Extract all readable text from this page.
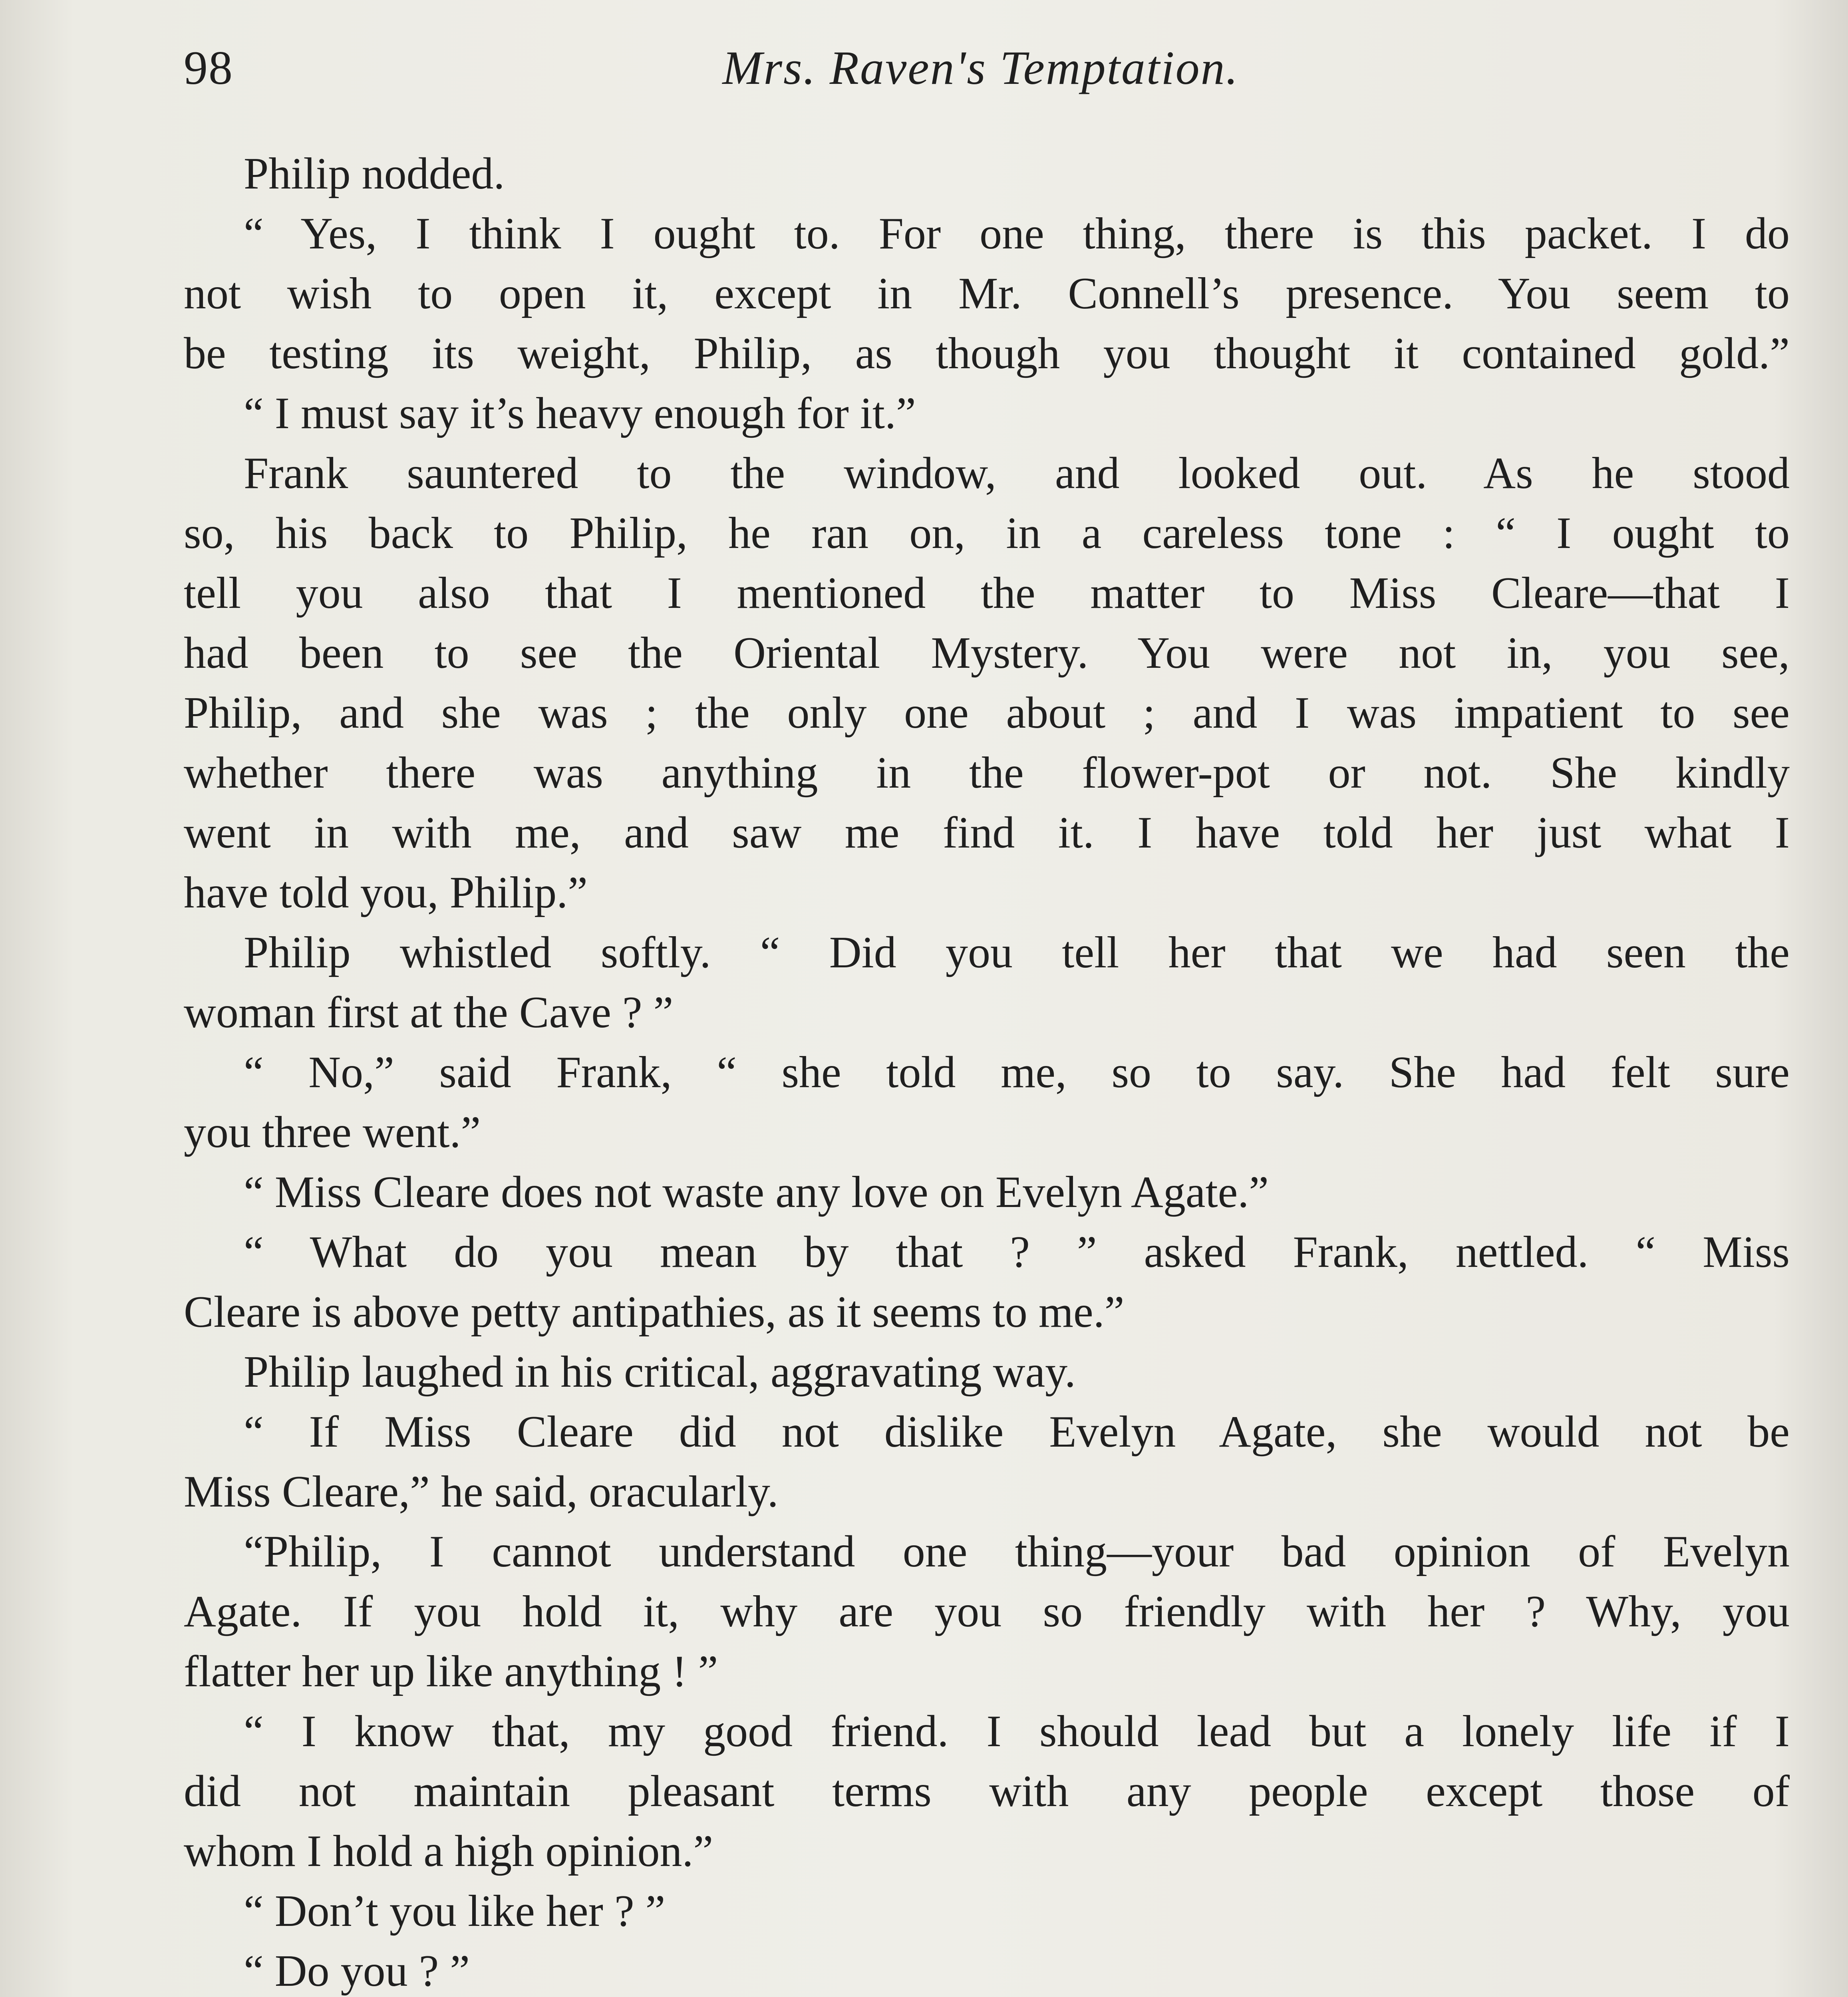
98	Mrs. Raven's Temptation.
Philip nodded.
“ Yes, I think I ought to. For one thing, there is this packet. I do
not wish to open it, except in Mr. Connell’s presence. You seem to
be testing its weight, Philip, as though you thought it contained gold.”
“ I must say it’s heavy enough for it.”
Frank sauntered to the window, and looked out. As he stood
so, his back to Philip, he ran on, in a careless tone : “ I ought to
tell you also that I mentioned the matter to Miss Cleare—that I
had been to see the Oriental Mystery. You were not in, you see,
Philip, and she was ; the only one about ; and I was impatient to see
whether there was anything in the flower-pot or not. She kindly
went in with me, and saw me find it. I have told her just what I
have told you, Philip.”
Philip whistled softly. “ Did you tell her that we had seen the
woman first at the Cave ? ”
“ No,” said Frank, “ she told me, so to say. She had felt sure
you three went.”
“ Miss Cleare does not waste any love on Evelyn Agate.”
“ What do you mean by that ? ” asked Frank, nettled. “ Miss
Cleare is above petty antipathies, as it seems to me.”
Philip laughed in his critical, aggravating way.
“ If Miss Cleare did not dislike Evelyn Agate, she would not be
Miss Cleare,” he said, oracularly.
“Philip, I cannot understand one thing—your bad opinion of Evelyn
Agate. If you hold it, why are you so friendly with her ? Why, you
flatter her up like anything ! ”
“ I know that, my good friend. I should lead but a lonely life if I
did not maintain pleasant terms with any people except those of
whom I hold a high opinion.”
“ Don’t you like her ? ”
“ Do you ? ”
